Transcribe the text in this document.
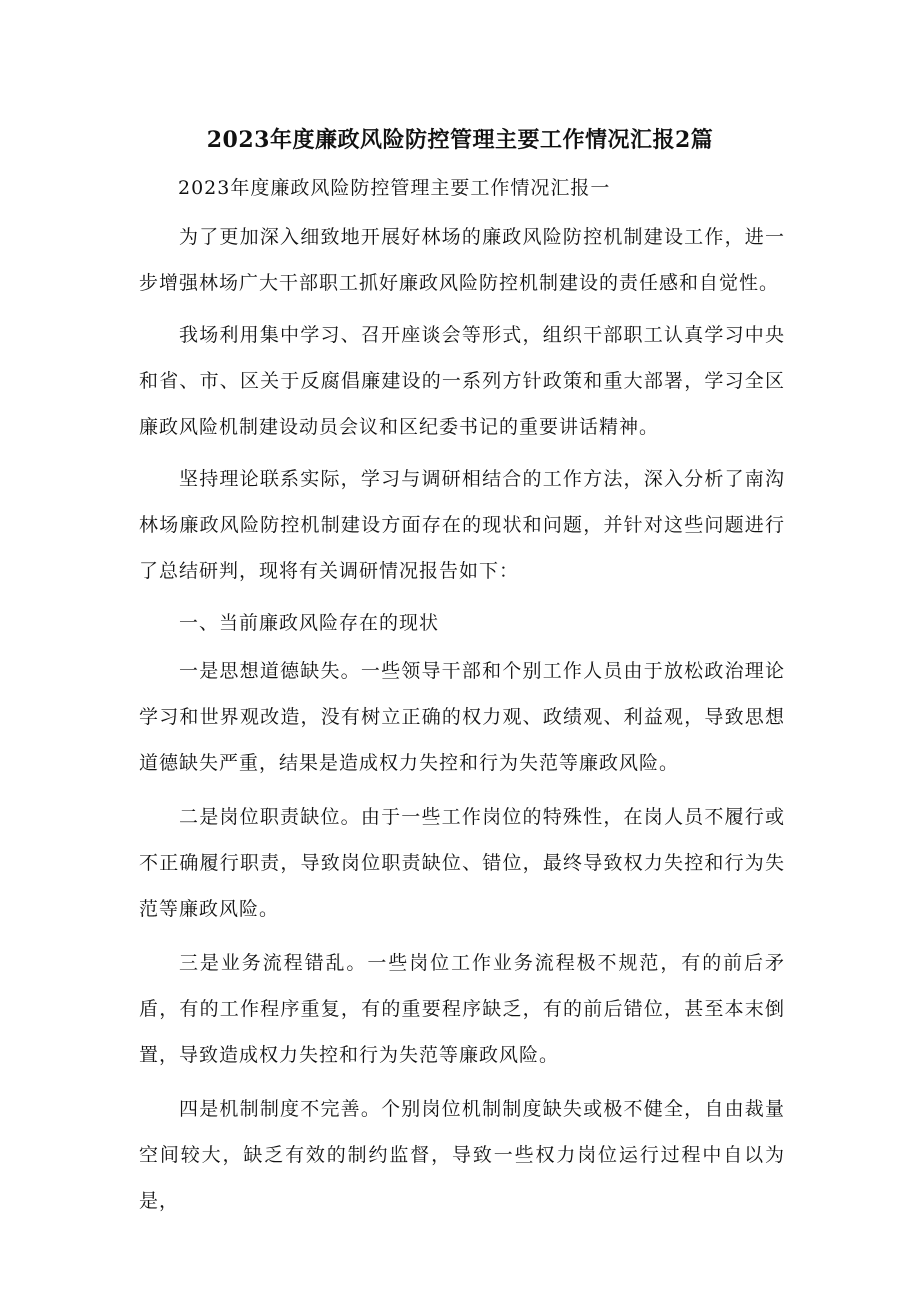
2023年度廉政风险防控管理主要工作情况汇报2篇

2023年度廉政风险防控管理主要工作情况汇报一

为了更加深入细致地开展好林场的廉政风险防控机制建设工作，进一步增强林场广大干部职工抓好廉政风险防控机制建设的责任感和自觉性。

我场利用集中学习、召开座谈会等形式，组织干部职工认真学习中央和省、市、区关于反腐倡廉建设的一系列方针政策和重大部署，学习全区廉政风险机制建设动员会议和区纪委书记的重要讲话精神。

坚持理论联系实际，学习与调研相结合的工作方法，深入分析了南沟林场廉政风险防控机制建设方面存在的现状和问题，并针对这些问题进行了总结研判，现将有关调研情况报告如下：

一、当前廉政风险存在的现状

一是思想道德缺失。一些领导干部和个别工作人员由于放松政治理论学习和世界观改造，没有树立正确的权力观、政绩观、利益观，导致思想道德缺失严重，结果是造成权力失控和行为失范等廉政风险。

二是岗位职责缺位。由于一些工作岗位的特殊性，在岗人员不履行或不正确履行职责，导致岗位职责缺位、错位，最终导致权力失控和行为失范等廉政风险。

三是业务流程错乱。一些岗位工作业务流程极不规范，有的前后矛盾，有的工作程序重复，有的重要程序缺乏，有的前后错位，甚至本末倒置，导致造成权力失控和行为失范等廉政风险。

四是机制制度不完善。个别岗位机制制度缺失或极不健全，自由裁量空间较大，缺乏有效的制约监督，导致一些权力岗位运行过程中自以为是，
